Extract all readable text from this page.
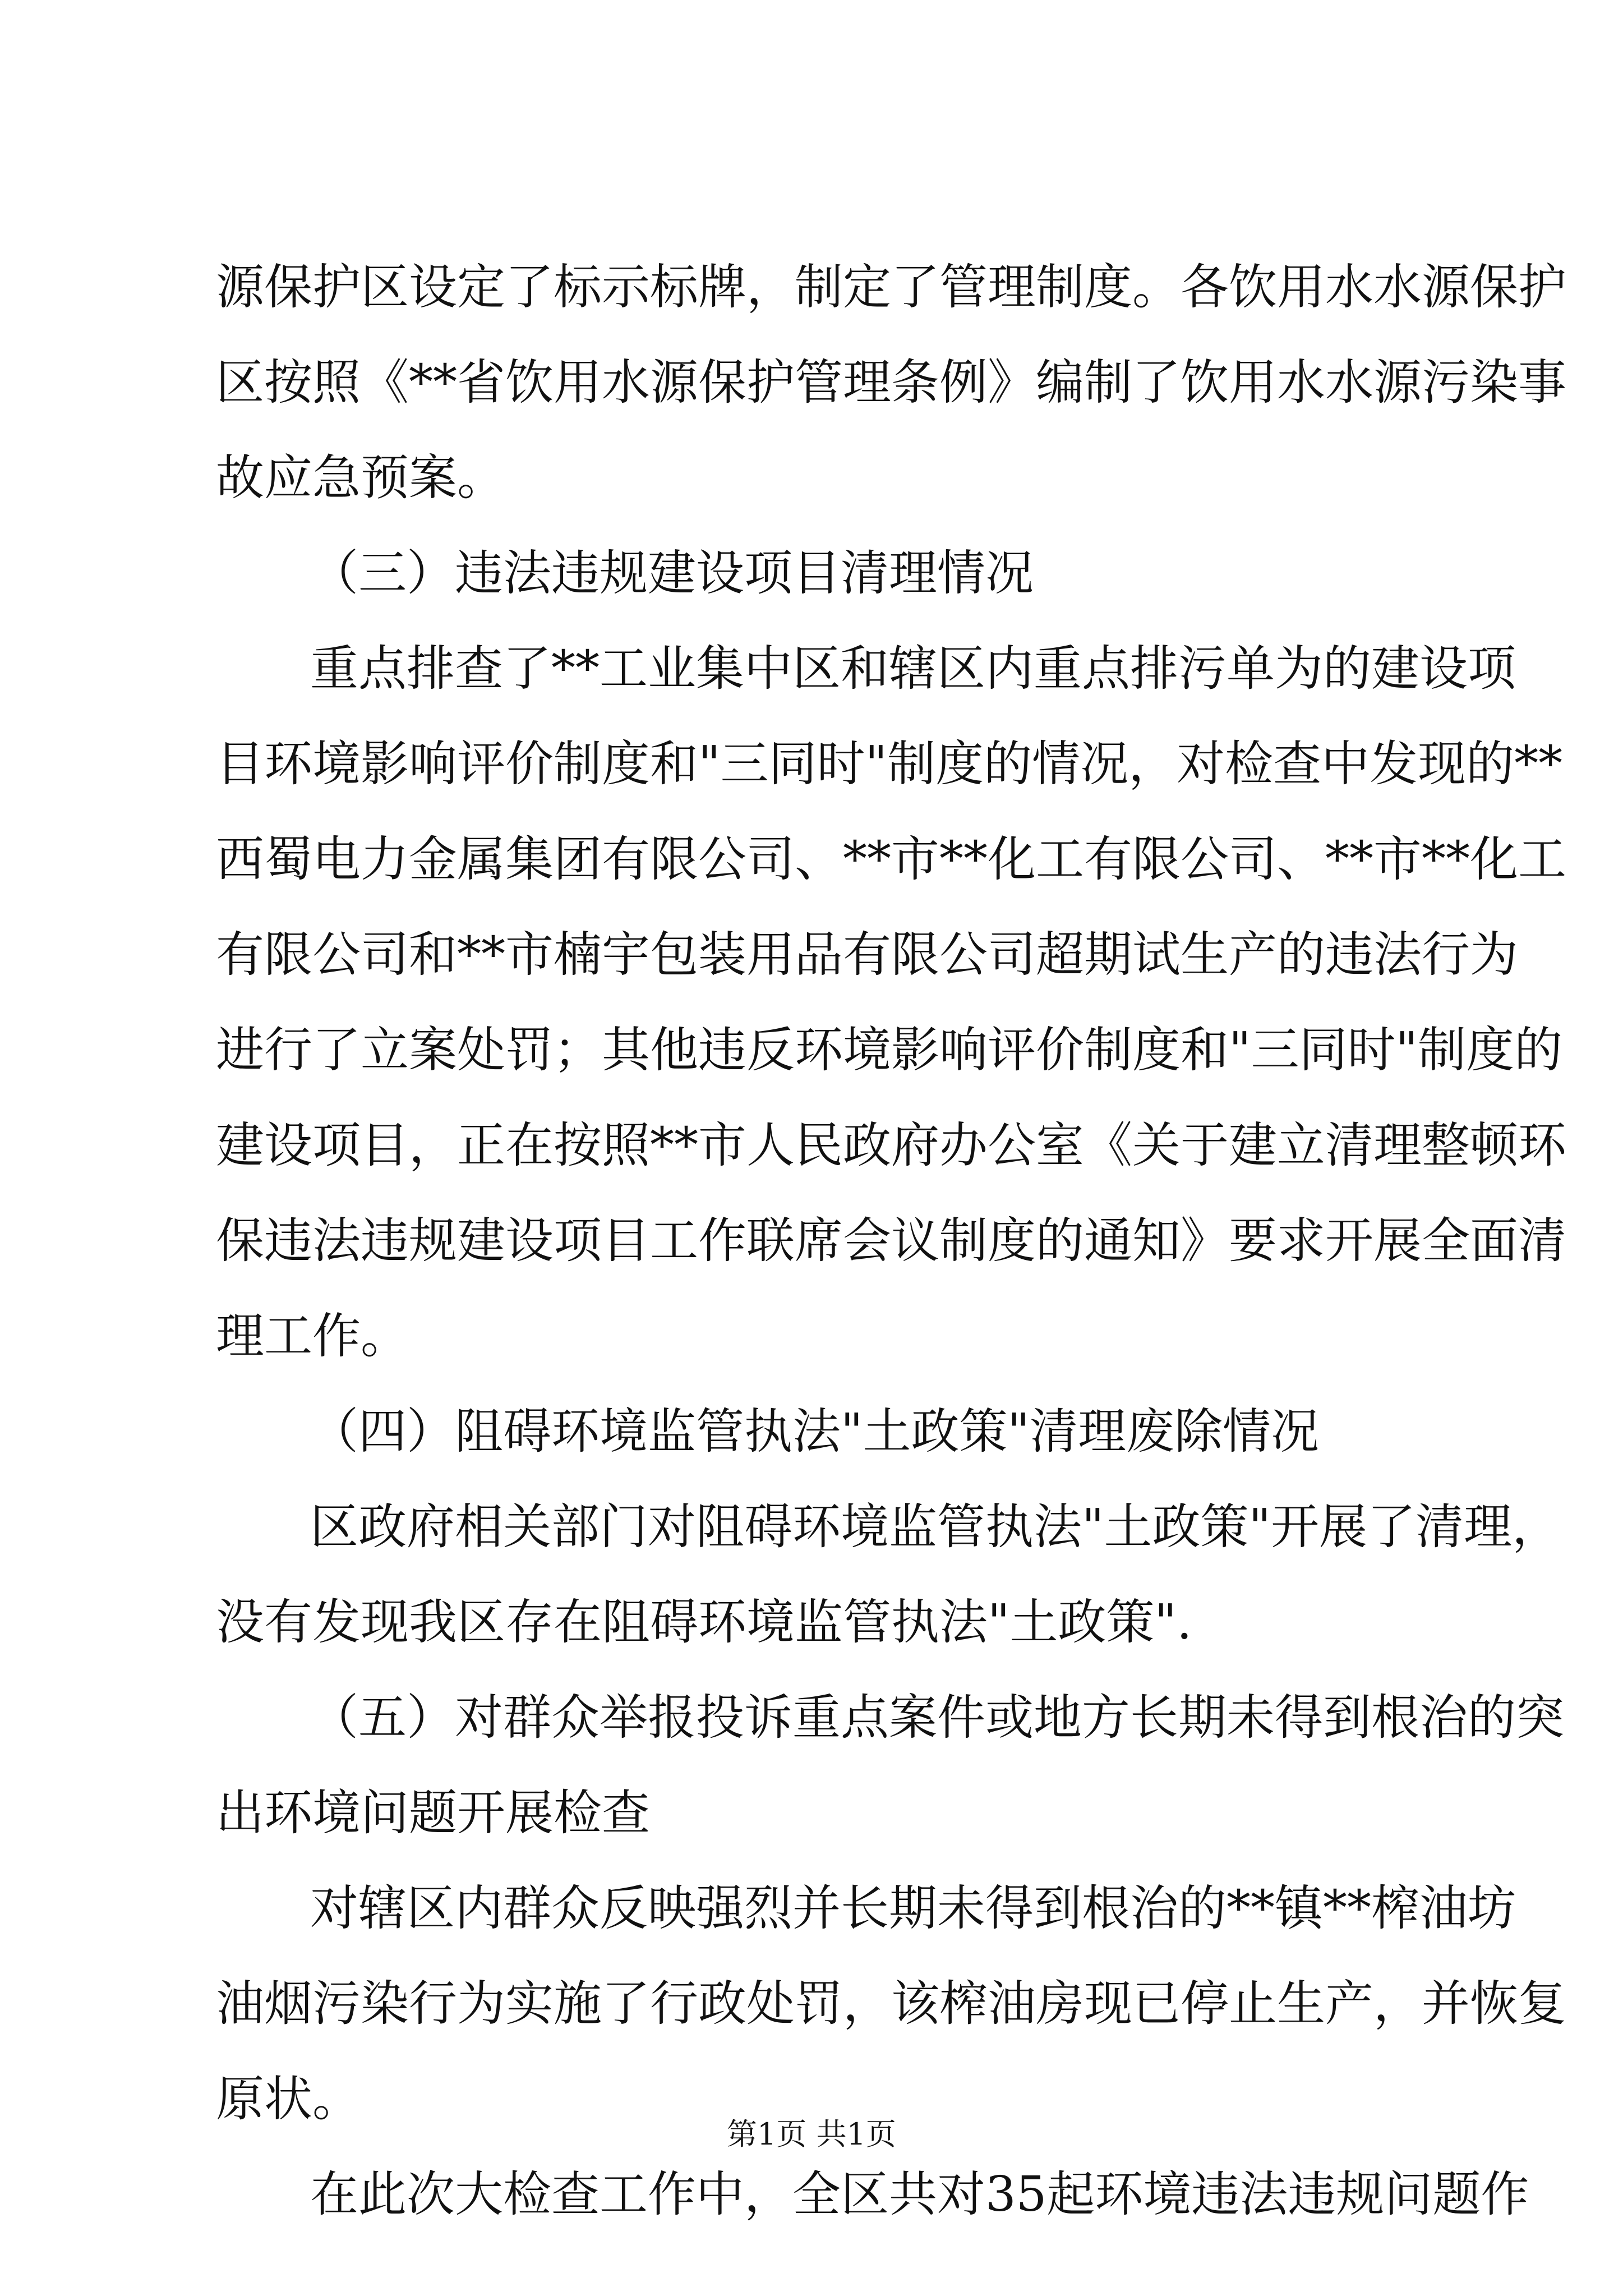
源保护区设定了标示标牌，制定了管理制度。各饮用水水源保护
区按照《**省饮用水源保护管理条例》编制了饮用水水源污染事
故应急预案。
（三）违法违规建设项目清理情况
重点排查了**工业集中区和辖区内重点排污单为的建设项
目环境影响评价制度和"三同时"制度的情况，对检查中发现的**
西蜀电力金属集团有限公司、**市**化工有限公司、**市**化工
有限公司和**市楠宇包装用品有限公司超期试生产的违法行为
进行了立案处罚；其他违反环境影响评价制度和"三同时"制度的
建设项目，正在按照**市人民政府办公室《关于建立清理整顿环
保违法违规建设项目工作联席会议制度的通知》要求开展全面清
理工作。
（四）阻碍环境监管执法"土政策"清理废除情况
区政府相关部门对阻碍环境监管执法"土政策"开展了清理，
没有发现我区存在阻碍环境监管执法"土政策".
（五）对群众举报投诉重点案件或地方长期未得到根治的突
出环境问题开展检查
对辖区内群众反映强烈并长期未得到根治的**镇**榨油坊
油烟污染行为实施了行政处罚，该榨油房现已停止生产，并恢复
原状。
在此次大检查工作中，全区共对35起环境违法违规问题作
第1页 共1页
